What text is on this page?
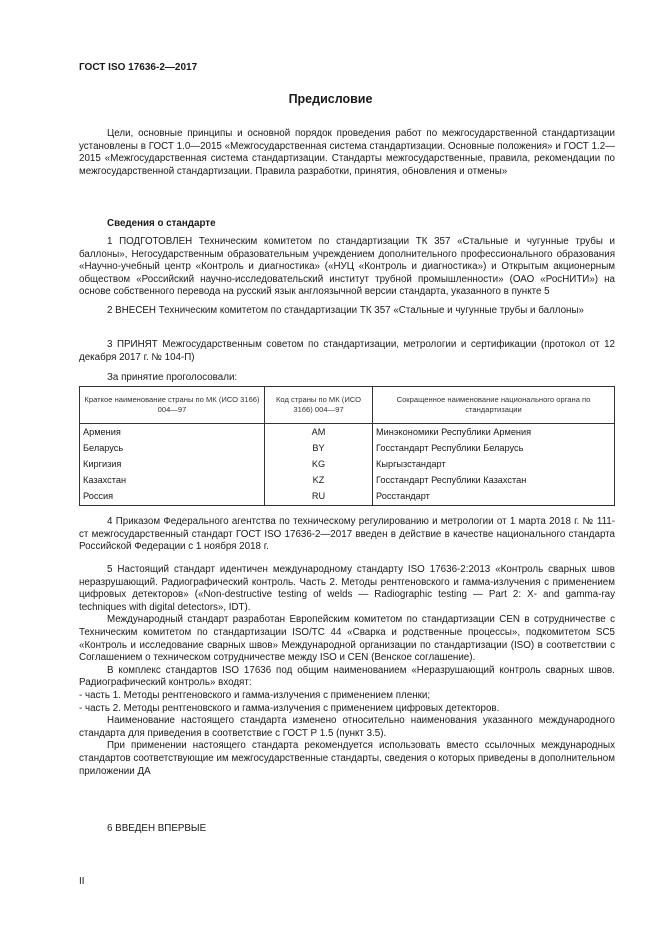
ГОСТ ISO 17636-2—2017
Предисловие

Цели, основные принципы и основной порядок проведения работ по межгосударственной стандартизации установлены в ГОСТ 1.0—2015 «Межгосударственная система стандартизации. Основные положения» и ГОСТ 1.2—2015 «Межгосударственная система стандартизации. Стандарты межгосударственные, правила, рекомендации по межгосударственной стандартизации. Правила разработки, принятия, обновления и отмены»

Сведения о стандарте

1 ПОДГОТОВЛЕН Техническим комитетом по стандартизации ТК 357 «Стальные и чугунные трубы и баллоны», Негосударственным образовательным учреждением дополнительного профессионального образования «Научно-учебный центр «Контроль и диагностика» («НУЦ «Контроль и диагностика») и Открытым акционерным обществом «Российский научно-исследовательский институт трубной промышленности» (ОАО «РосНИТИ») на основе собственного перевода на русский язык англоязычной версии стандарта, указанного в пункте 5

2 ВНЕСЕН Техническим комитетом по стандартизации ТК 357 «Стальные и чугунные трубы и баллоны»

3 ПРИНЯТ Межгосударственным советом по стандартизации, метрологии и сертификации (протокол от 12 декабря 2017 г. № 104-П)

За принятие проголосовали:
Краткое наименование страны по МК (ИСО 3166) 004—97	Код страны по МК (ИСО 3166) 004—97	Сокращенное наименование национального органа по стандартизации
Армения	AM	Минэкономики Республики Армения
Беларусь	BY	Госстандарт Республики Беларусь
Киргизия	KG	Кыргызстандарт
Казахстан	KZ	Госстандарт Республики Казахстан
Россия	RU	Росстандарт

4 Приказом Федерального агентства по техническому регулированию и метрологии от 1 марта 2018 г. № 111-ст межгосударственный стандарт ГОСТ ISO 17636-2—2017 введен в действие в качестве национального стандарта Российской Федерации с 1 ноября 2018 г.

5 Настоящий стандарт идентичен международному стандарту ISO 17636-2:2013 «Контроль сварных швов неразрушающий. Радиографический контроль. Часть 2. Методы рентгеновского и гамма-излучения с применением цифровых детекторов» («Non-destructive testing of welds — Radiographic testing — Part 2: X- and gamma-ray techniques with digital detectors», IDT).
Международный стандарт разработан Европейским комитетом по стандартизации CEN в сотрудничестве с Техническим комитетом по стандартизации ISO/TC 44 «Сварка и родственные процессы», подкомитетом SC5 «Контроль и исследование сварных швов» Международной организации по стандартизации (ISO) в соответствии с Соглашением о техническом сотрудничестве между ISO и CEN (Венское соглашение).
В комплекс стандартов ISO 17636 под общим наименованием «Неразрушающий контроль сварных швов. Радиографический контроль» входят:
- часть 1. Методы рентгеновского и гамма-излучения с применением пленки;
- часть 2. Методы рентгеновского и гамма-излучения с применением цифровых детекторов.
Наименование настоящего стандарта изменено относительно наименования указанного международного стандарта для приведения в соответствие с ГОСТ Р 1.5 (пункт 3.5).
При применении настоящего стандарта рекомендуется использовать вместо ссылочных международных стандартов соответствующие им межгосударственные стандарты, сведения о которых приведены в дополнительном приложении ДА
6 ВВЕДЕН ВПЕРВЫЕ
II
